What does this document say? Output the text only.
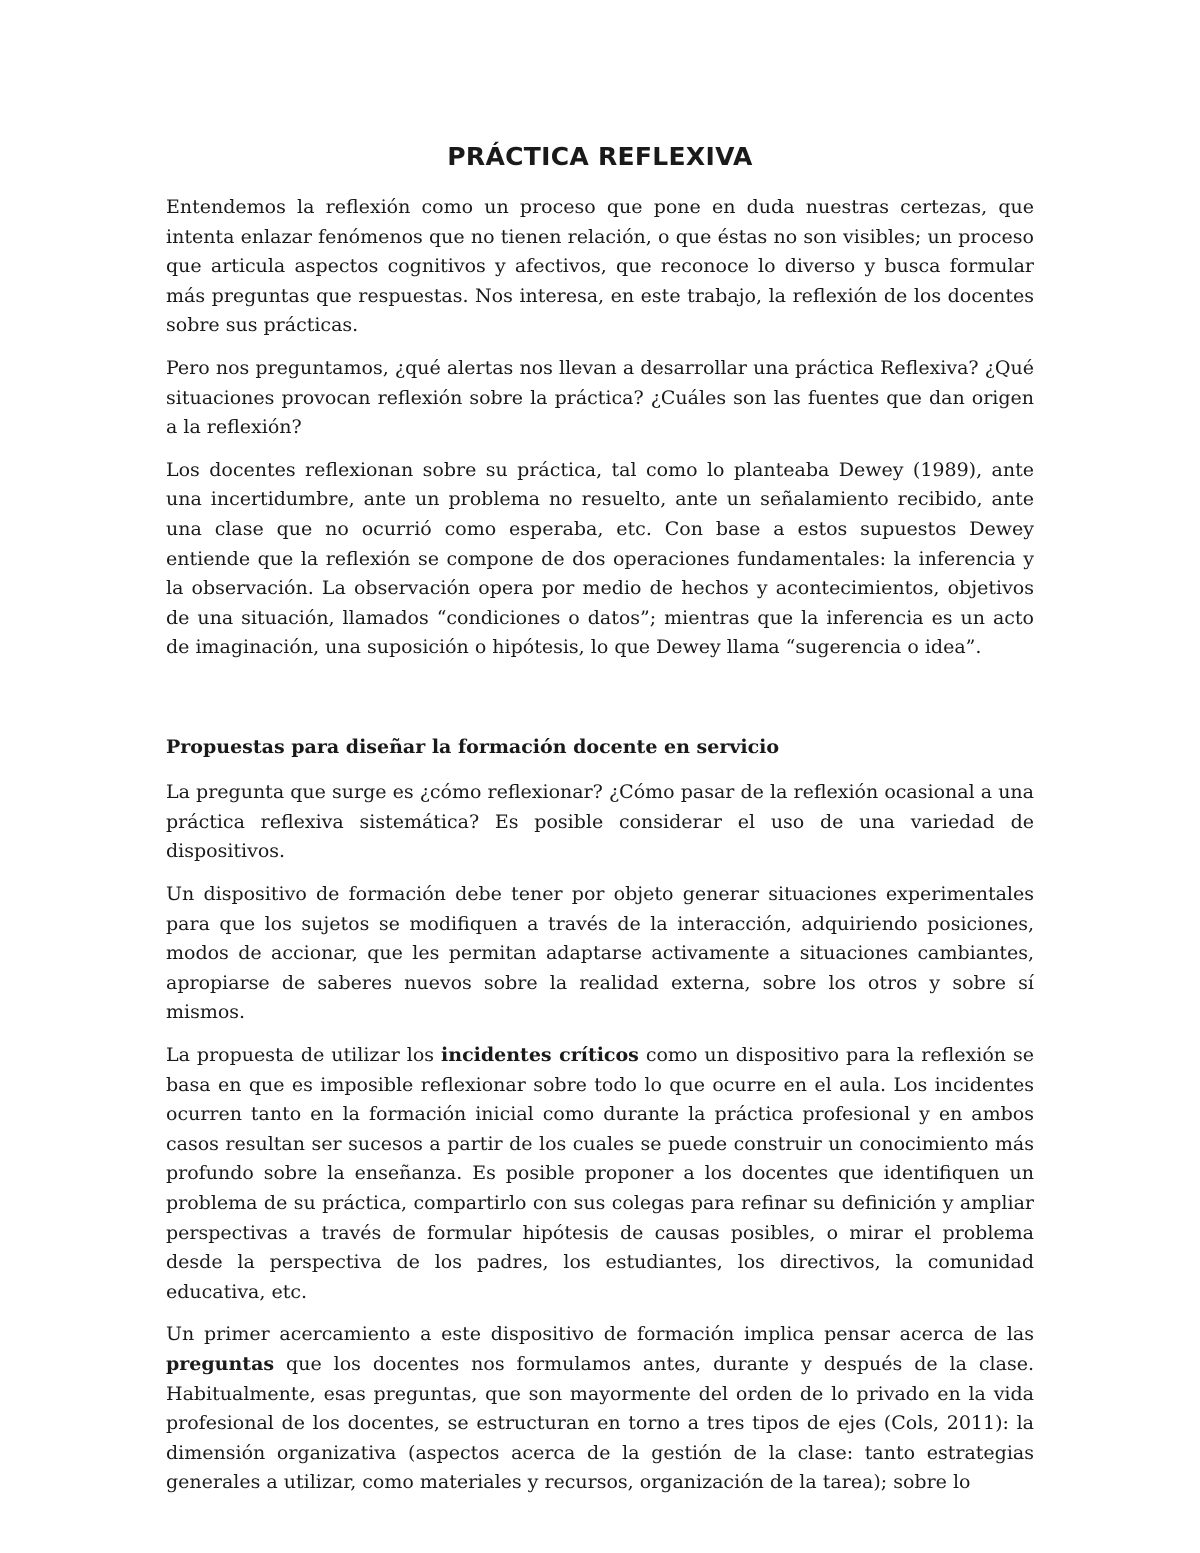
PRÁCTICA REFLEXIVA

Entendemos la reflexión como un proceso que pone en duda nuestras certezas, que intenta enlazar fenómenos que no tienen relación, o que éstas no son visibles; un proceso que articula aspectos cognitivos y afectivos, que reconoce lo diverso y busca formular más preguntas que respuestas. Nos interesa, en este trabajo, la reflexión de los docentes sobre sus prácticas.

Pero nos preguntamos, ¿qué alertas nos llevan a desarrollar una práctica Reflexiva? ¿Qué situaciones provocan reflexión sobre la práctica? ¿Cuáles son las fuentes que dan origen a la reflexión?

Los docentes reflexionan sobre su práctica, tal como lo planteaba Dewey (1989), ante una incertidumbre, ante un problema no resuelto, ante un señalamiento recibido, ante una clase que no ocurrió como esperaba, etc. Con base a estos supuestos Dewey entiende que la reflexión se compone de dos operaciones fundamentales: la inferencia y la observación. La observación opera por medio de hechos y acontecimientos, objetivos de una situación, llamados “condiciones o datos”; mientras que la inferencia es un acto de imaginación, una suposición o hipótesis, lo que Dewey llama “sugerencia o idea”.

Propuestas para diseñar la formación docente en servicio

La pregunta que surge es ¿cómo reflexionar? ¿Cómo pasar de la reflexión ocasional a una práctica reflexiva sistemática? Es posible considerar el uso de una variedad de dispositivos.

Un dispositivo de formación debe tener por objeto generar situaciones experimentales para que los sujetos se modifiquen a través de la interacción, adquiriendo posiciones, modos de accionar, que les permitan adaptarse activamente a situaciones cambiantes, apropiarse de saberes nuevos sobre la realidad externa, sobre los otros y sobre sí mismos.

La propuesta de utilizar los incidentes críticos como un dispositivo para la reflexión se basa en que es imposible reflexionar sobre todo lo que ocurre en el aula. Los incidentes ocurren tanto en la formación inicial como durante la práctica profesional y en ambos casos resultan ser sucesos a partir de los cuales se puede construir un conocimiento más profundo sobre la enseñanza. Es posible proponer a los docentes que identifiquen un problema de su práctica, compartirlo con sus colegas para refinar su definición y ampliar perspectivas a través de formular hipótesis de causas posibles, o mirar el problema desde la perspectiva de los padres, los estudiantes, los directivos, la comunidad educativa, etc.

Un primer acercamiento a este dispositivo de formación implica pensar acerca de las preguntas que los docentes nos formulamos antes, durante y después de la clase. Habitualmente, esas preguntas, que son mayormente del orden de lo privado en la vida profesional de los docentes, se estructuran en torno a tres tipos de ejes (Cols, 2011): la dimensión organizativa (aspectos acerca de la gestión de la clase: tanto estrategias generales a utilizar, como materiales y recursos, organización de la tarea); sobre lo
